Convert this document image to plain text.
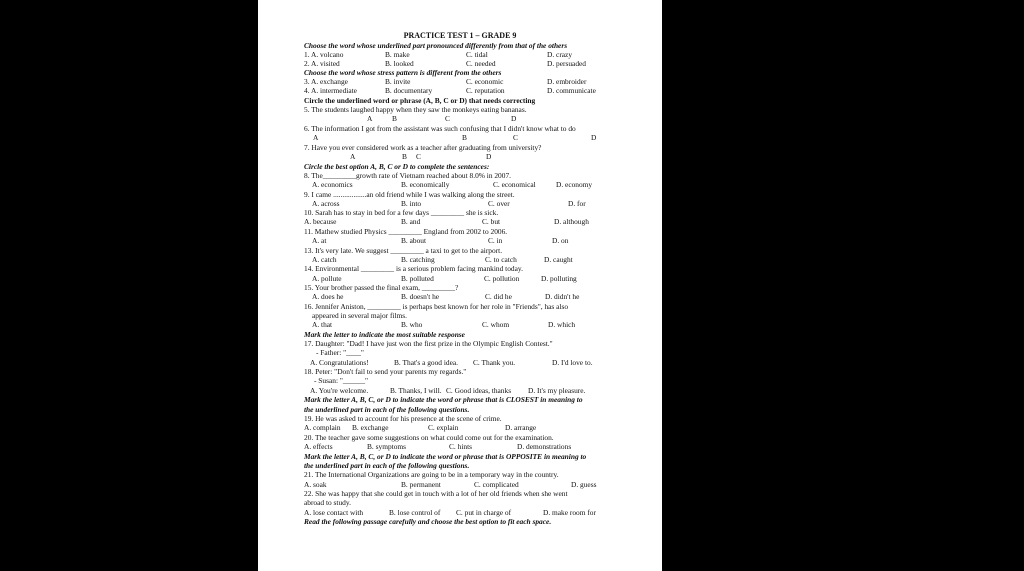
PRACTICE TEST 1 – GRADE 9
Choose the word whose underlined part pronounced differently from that of the others
1. A. volcano	B. make	C. tidal	D. crazy
2. A. visited	B. looked	C. needed	D. persuaded
Choose the word whose stress pattern is different from the others
3. A. exchange	B. invite	C. economic	D. embroider
4. A. intermediate	B. documentary	C. reputation	D. communicate
Circle the underlined word or phrase (A, B, C or D) that needs correcting
5. The students laughed happy when they saw the monkeys eating bananas.
A	B	C	D
6. The information I got from the assistant was such confusing that I didn't know what to do
A	B	C	D
7. Have you ever considered work as a teacher after graduating from university?
A	B C	D
Circle the best option A, B, C or D to complete the sentences:
8. The_________growth rate of Vietnam reached about 8.0% in 2007.
A. economics	B. economically	C. economical	D. economy
9. I came ..................an old friend while I was walking along the street.
A. across	B. into	C. over	D. for
10. Sarah has to stay in bed for a few days _________ she is sick.
A. because	B. and	C. but	D. although
11. Mathew studied Physics _________ England from 2002 to 2006.
A. at	B. about	C. in	D. on
13. It's very late. We suggest _________ a taxi to get to the airport.
A. catch	B. catching	C. to catch	D. caught
14. Environmental _________ is a serious problem facing mankind today.
A. pollute	B. polluted	C. pollution	D. polluting
15. Your brother passed the final exam, _________?
A. does he	B. doesn't he	C. did he	D. didn't he
16. Jennifer Aniston, _________ is perhaps best known for her role in "Friends", has also
appeared in several major films.
A. that	B. who	C. whom	D. which
Mark the letter to indicate the most suitable response
17. Daughter: "Dad! I have just won the first prize in the Olympic English Contest."
- Father: "____"
A. Congratulations!	B. That's a good idea. C. Thank you.	D. I'd love to.
18. Peter: "Don't fail to send your parents my regards."
- Susan: "______"
A. You're welcome.	B. Thanks, I will. C. Good ideas, thanks D. It's my pleasure.
Mark the letter A, B, C, or D to indicate the word or phrase that is CLOSEST in meaning to
the underlined part in each of the following questions.
19. He was asked to account for his presence at the scene of crime.
A. complain B. exchange	C. explain	D. arrange
20. The teacher gave some suggestions on what could come out for the examination.
A. effects	B. symptoms	C. hints	D. demonstrations
Mark the letter A, B, C, or D to indicate the word or phrase that is OPPOSITE in meaning to
the underlined part in each of the following questions.
21. The International Organizations are going to be in a temporary way in the country.
A. soak	B. permanent	C. complicated	D. guess
22. She was happy that she could get in touch with a lot of her old friends when she went
abroad to study.
A. lose contact with	B. lose control of C. put in charge of	D. make room for
Read the following passage carefully and choose the best option to fit each space.
